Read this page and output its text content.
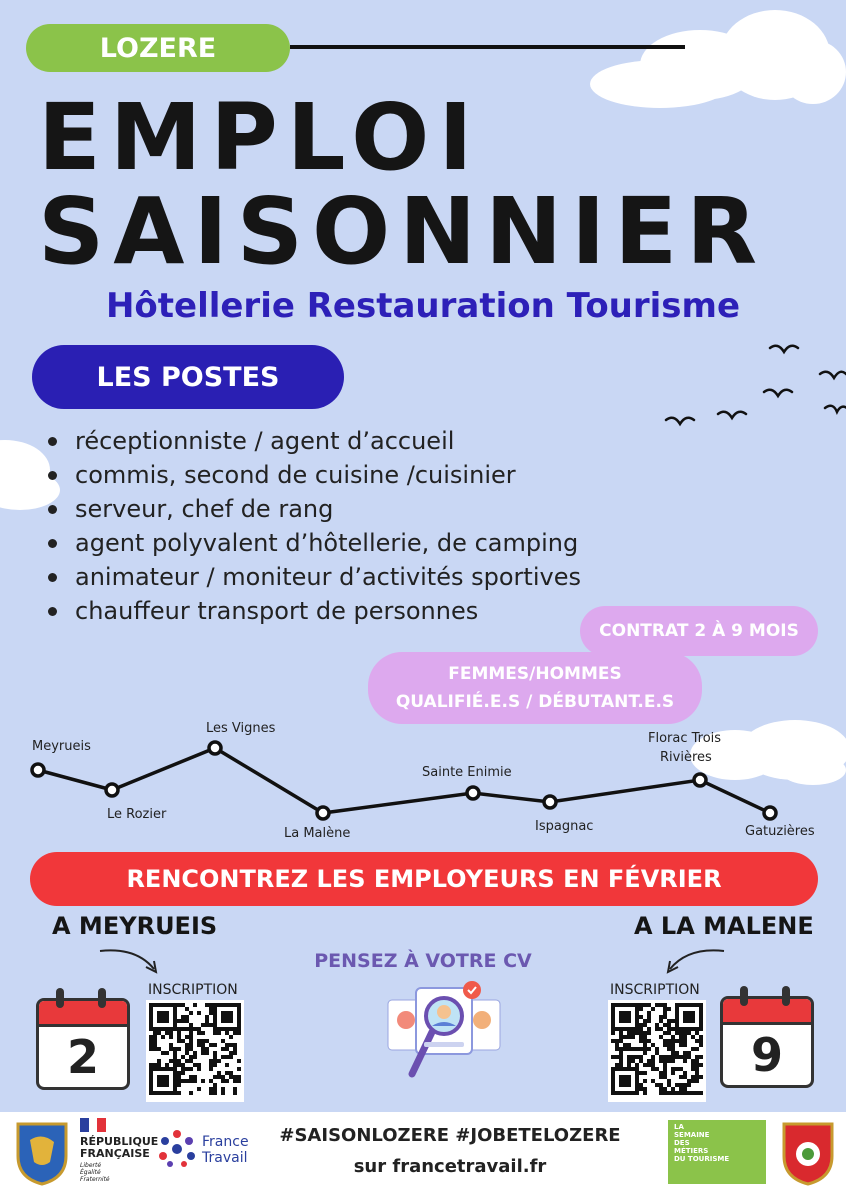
LOZERE
EMPLOI
SAISONNIER
Hôtellerie Restauration Tourisme
LES POSTES
réceptionniste / agent d’accueil
commis, second de cuisine /cuisinier
serveur, chef de rang
agent polyvalent d’hôtellerie, de camping
animateur / moniteur d’activités sportives
chauffeur transport de personnes
CONTRAT 2 À 9 MOIS
FEMMES/HOMMES
QUALIFIÉ.E.S / DÉBUTANT.E.S
Meyrueis
Le Rozier
Les Vignes
La Malène
Sainte Enimie
Ispagnac
Florac Trois Rivières
Gatuzières
RENCONTREZ LES EMPLOYEURS EN FÉVRIER
A MEYRUEIS	A LA MALENE
PENSEZ À VOTRE CV
2
INSCRIPTION	INSCRIPTION
9
RÉPUBLIQUE
FRANÇAISE
Liberté
Égalité
Fraternité
France
Travail
#SAISONLOZERE #JOBETELOZERE
sur francetravail.fr
LA
SEMAINE
DES
MÉTIERS
DU TOURISME
